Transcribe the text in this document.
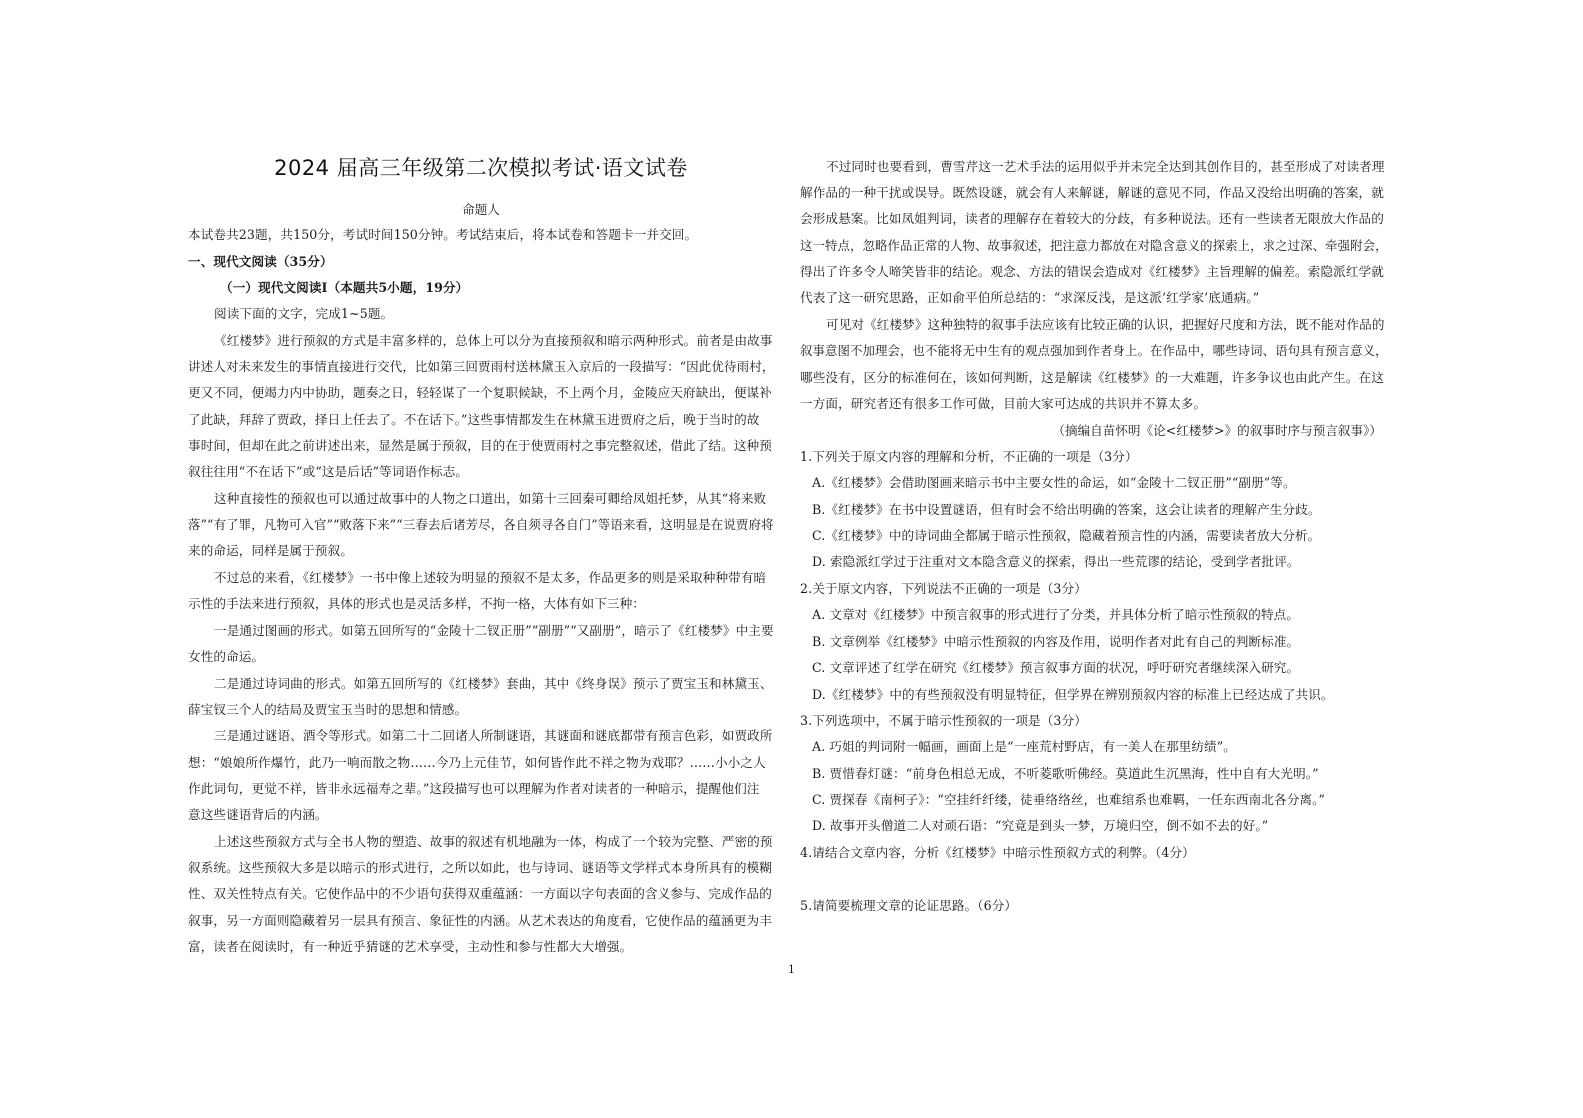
2024 届高三年级第二次模拟考试·语文试卷
命题人
本试卷共23题，共150分，考试时间150分钟。考试结束后，将本试卷和答题卡一并交回。
一、现代文阅读（35分）
（一）现代文阅读Ⅰ（本题共5小题，19分）
阅读下面的文字，完成1~5题。
《红楼梦》进行预叙的方式是丰富多样的，总体上可以分为直接预叙和暗示两种形式。前者是由故事
讲述人对未来发生的事情直接进行交代，比如第三回贾雨村送林黛玉入京后的一段描写：“因此优待雨村，
更又不同，便竭力内中协助，题奏之日，轻轻谋了一个复职候缺，不上两个月，金陵应天府缺出，便谋补
了此缺，拜辞了贾政，择日上任去了。不在话下。”这些事情都发生在林黛玉进贾府之后，晚于当时的故
事时间，但却在此之前讲述出来，显然是属于预叙，目的在于使贾雨村之事完整叙述，借此了结。这种预
叙往往用“不在话下”或“这是后话”等词语作标志。
这种直接性的预叙也可以通过故事中的人物之口道出，如第十三回秦可卿给凤姐托梦，从其“将来败
落”“有了罪，凡物可入官”“败落下来”“三春去后诸芳尽，各自须寻各自门”等语来看，这明显是在说贾府将
来的命运，同样是属于预叙。
不过总的来看，《红楼梦》一书中像上述较为明显的预叙不是太多，作品更多的则是采取种种带有暗
示性的手法来进行预叙，具体的形式也是灵活多样，不拘一格，大体有如下三种：
一是通过图画的形式。如第五回所写的“金陵十二钗正册”“副册”“又副册”，暗示了《红楼梦》中主要
女性的命运。
二是通过诗词曲的形式。如第五回所写的《红楼梦》套曲，其中《终身误》预示了贾宝玉和林黛玉、
薛宝钗三个人的结局及贾宝玉当时的思想和情感。
三是通过谜语、酒令等形式。如第二十二回诸人所制谜语，其谜面和谜底都带有预言色彩，如贾政所
想：“娘娘所作爆竹，此乃一响而散之物……今乃上元佳节，如何皆作此不祥之物为戏耶？……小小之人
作此词句，更觉不祥，皆非永远福寿之辈。”这段描写也可以理解为作者对读者的一种暗示，提醒他们注
意这些谜语背后的内涵。
上述这些预叙方式与全书人物的塑造、故事的叙述有机地融为一体，构成了一个较为完整、严密的预
叙系统。这些预叙大多是以暗示的形式进行，之所以如此，也与诗词、谜语等文学样式本身所具有的模糊
性、双关性特点有关。它使作品中的不少语句获得双重蕴涵：一方面以字句表面的含义参与、完成作品的
叙事，另一方面则隐藏着另一层具有预言、象征性的内涵。从艺术表达的角度看，它使作品的蕴涵更为丰
富，读者在阅读时，有一种近乎猜谜的艺术享受，主动性和参与性都大大增强。
不过同时也要看到，曹雪芹这一艺术手法的运用似乎并未完全达到其创作目的，甚至形成了对读者理
解作品的一种干扰或误导。既然设谜，就会有人来解谜，解谜的意见不同，作品又没给出明确的答案，就
会形成悬案。比如凤姐判词，读者的理解存在着较大的分歧，有多种说法。还有一些读者无限放大作品的
这一特点，忽略作品正常的人物、故事叙述，把注意力都放在对隐含意义的探索上，求之过深、牵强附会，
得出了许多令人啼笑皆非的结论。观念、方法的错误会造成对《红楼梦》主旨理解的偏差。索隐派红学就
代表了这一研究思路，正如俞平伯所总结的：“求深反浅，是这派‘红学家’底通病。”
可见对《红楼梦》这种独特的叙事手法应该有比较正确的认识，把握好尺度和方法，既不能对作品的
叙事意图不加理会，也不能将无中生有的观点强加到作者身上。在作品中，哪些诗词、语句具有预言意义，
哪些没有，区分的标准何在，该如何判断，这是解读《红楼梦》的一大难题，许多争议也由此产生。在这
一方面，研究者还有很多工作可做，目前大家可达成的共识并不算太多。
（摘编自苗怀明《论<红楼梦>》的叙事时序与预言叙事》）
1.下列关于原文内容的理解和分析，不正确的一项是（3分）
A.《红楼梦》会借助图画来暗示书中主要女性的命运，如“金陵十二钗正册”“副册”等。
B.《红楼梦》在书中设置谜语，但有时会不给出明确的答案，这会让读者的理解产生分歧。
C.《红楼梦》中的诗词曲全都属于暗示性预叙，隐藏着预言性的内涵，需要读者放大分析。
D. 索隐派红学过于注重对文本隐含意义的探索，得出一些荒谬的结论，受到学者批评。
2.关于原文内容，下列说法不正确的一项是（3分）
A. 文章对《红楼梦》中预言叙事的形式进行了分类，并具体分析了暗示性预叙的特点。
B. 文章例举《红楼梦》中暗示性预叙的内容及作用，说明作者对此有自己的判断标准。
C. 文章评述了红学在研究《红楼梦》预言叙事方面的状况，呼吁研究者继续深入研究。
D.《红楼梦》中的有些预叙没有明显特征，但学界在辨别预叙内容的标准上已经达成了共识。
3.下列选项中，不属于暗示性预叙的一项是（3分）
A. 巧姐的判词附一幅画，画面上是“一座荒村野店，有一美人在那里纺绩”。
B. 贾惜春灯谜：“前身色相总无成，不听菱歌听佛经。莫道此生沉黑海，性中自有大光明。”
C. 贾探春《南柯子》：“空挂纤纤缕，徒垂络络丝，也难绾系也难羁，一任东西南北各分离。”
D. 故事开头僧道二人对顽石语：“究竟是到头一梦，万境归空，倒不如不去的好。”
4.请结合文章内容，分析《红楼梦》中暗示性预叙方式的利弊。（4分）
5.请简要梳理文章的论证思路。（6分）
1
